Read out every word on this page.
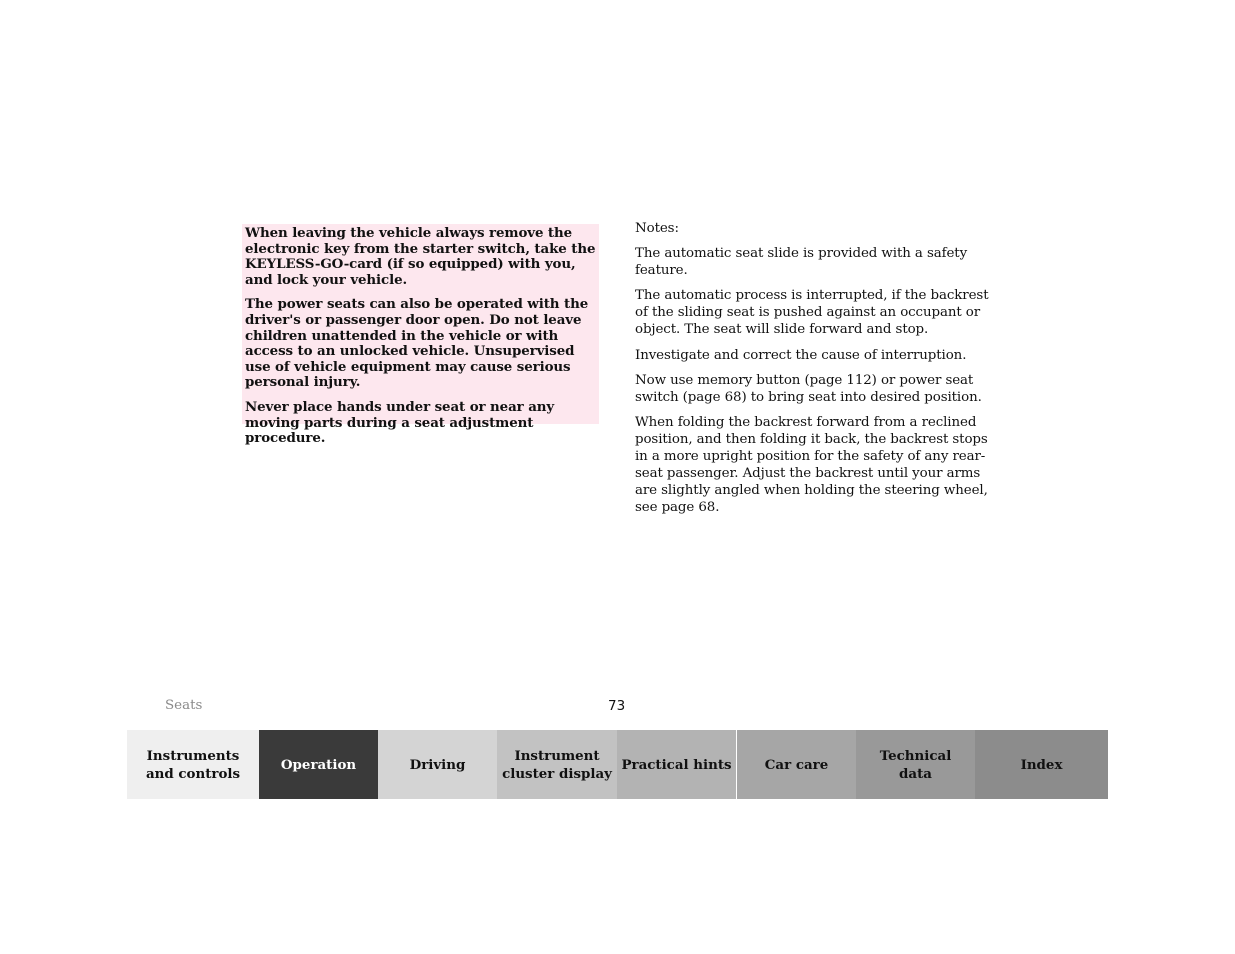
When leaving the vehicle always remove the electronic key from the starter switch, take the KEYLESS-GO-card (if so equipped) with you, and lock your vehicle.

The power seats can also be operated with the driver's or passenger door open. Do not leave children unattended in the vehicle or with access to an unlocked vehicle. Unsupervised use of vehicle equipment may cause serious personal injury.

Never place hands under seat or near any moving parts during a seat adjustment procedure.

Notes:

The automatic seat slide is provided with a safety feature.

The automatic process is interrupted, if the backrest of the sliding seat is pushed against an occupant or object. The seat will slide forward and stop.

Investigate and correct the cause of interruption.

Now use memory button (page 112) or power seat switch (page 68) to bring seat into desired position.

When folding the backrest forward from a reclined position, and then folding it back, the backrest stops in a more upright position for the safety of any rear-seat passenger. Adjust the backrest until your arms are slightly angled when holding the steering wheel, see page 68.

Seats	73
Instruments
and controls
Operation	Driving
Instrument
cluster display
Practical hints Car care
Technical
data
Index
